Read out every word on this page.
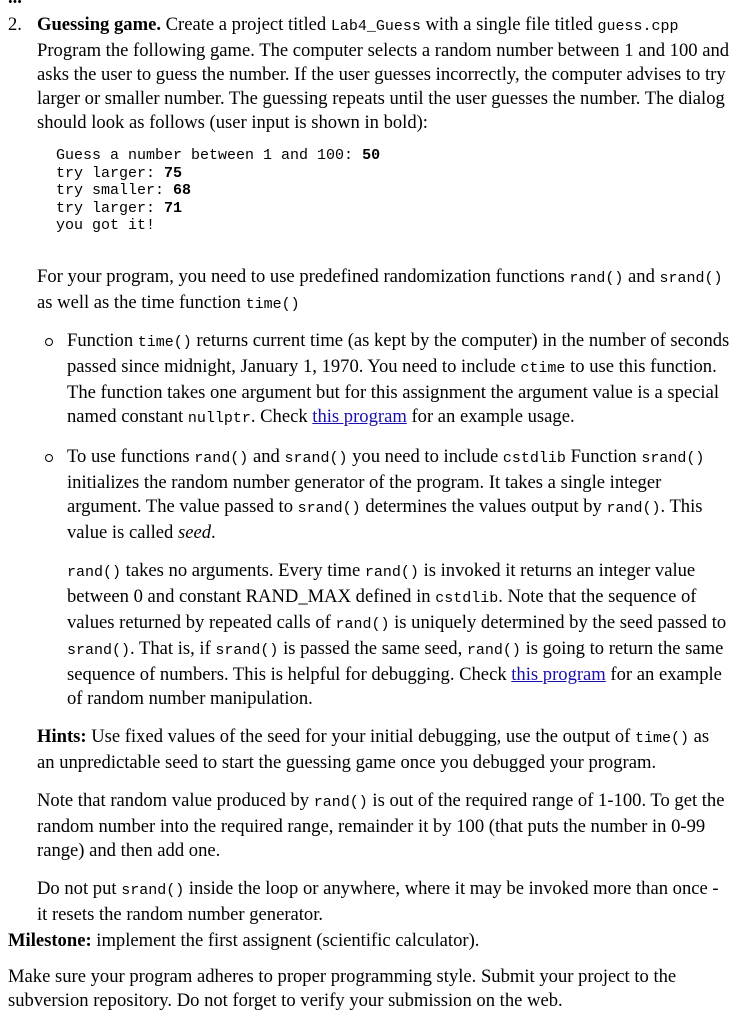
2. Guessing game. Create a project titled Lab4_Guess with a single file titled guess.cpp Program the following game. The computer selects a random number between 1 and 100 and asks the user to guess the number. If the user guesses incorrectly, the computer advises to try larger or smaller number. The guessing repeats until the user guesses the number. The dialog should look as follows (user input is shown in bold):

Guess a number between 1 and 100: 50
try larger: 75
try smaller: 68
try larger: 71
you got it!

For your program, you need to use predefined randomization functions rand() and srand() as well as the time function time()

Function time() returns current time (as kept by the computer) in the number of seconds passed since midnight, January 1, 1970. You need to include ctime to use this function. The function takes one argument but for this assignment the argument value is a special named constant nullptr. Check this program for an example usage.

To use functions rand() and srand() you need to include cstdlib Function srand() initializes the random number generator of the program. It takes a single integer argument. The value passed to srand() determines the values output by rand(). This value is called seed.

rand() takes no arguments. Every time rand() is invoked it returns an integer value between 0 and constant RAND_MAX defined in cstdlib. Note that the sequence of values returned by repeated calls of rand() is uniquely determined by the seed passed to srand(). That is, if srand() is passed the same seed, rand() is going to return the same sequence of numbers. This is helpful for debugging. Check this program for an example of random number manipulation.

Hints: Use fixed values of the seed for your initial debugging, use the output of time() as an unpredictable seed to start the guessing game once you debugged your program.

Note that random value produced by rand() is out of the required range of 1-100. To get the random number into the required range, remainder it by 100 (that puts the number in 0-99 range) and then add one.

Do not put srand() inside the loop or anywhere, where it may be invoked more than once - it resets the random number generator.

Milestone: implement the first assignent (scientific calculator).

Make sure your program adheres to proper programming style. Submit your project to the subversion repository. Do not forget to verify your submission on the web.
